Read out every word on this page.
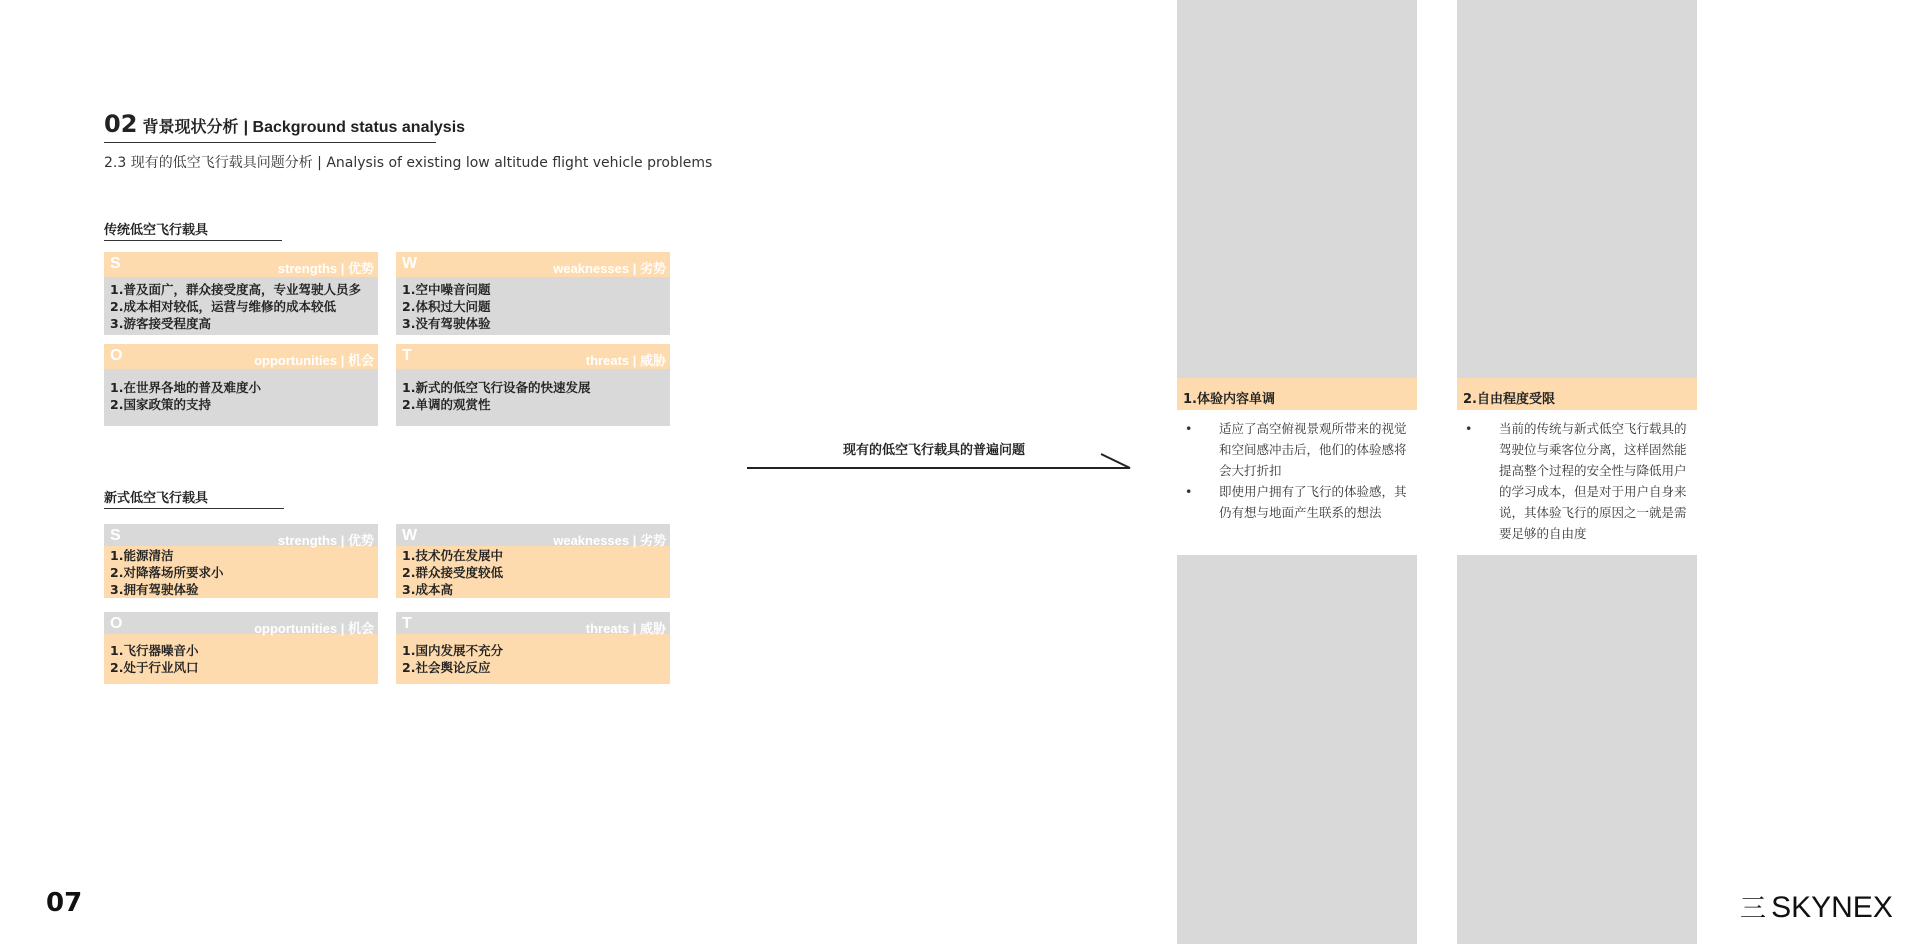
02 背景现状分析 | Background status analysis
2.3 现有的低空飞行载具问题分析 | Analysis of existing low altitude flight vehicle problems
传统低空飞行载具
S	strengths | 优势
1.普及面广，群众接受度高，专业驾驶人员多
2.成本相对较低，运营与维修的成本较低
3.游客接受程度高
W	weaknesses | 劣势
1.空中噪音问题
2.体积过大问题
3.没有驾驶体验
O	opportunities | 机会
1.在世界各地的普及难度小
2.国家政策的支持
T	threats | 威胁
1.新式的低空飞行设备的快速发展
2.单调的观赏性
新式低空飞行载具
S	strengths | 优势
1.能源清洁
2.对降落场所要求小
3.拥有驾驶体验
W	weaknesses | 劣势
1.技术仍在发展中
2.群众接受度较低
3.成本高
O	opportunities | 机会
1.飞行器噪音小
2.处于行业风口
T	threats | 威胁
1.国内发展不充分
2.社会舆论反应
现有的低空飞行载具的普遍问题
1.体验内容单调
• 适应了高空俯视景观所带来的视觉和空间感冲击后，他们的体验感将会大打折扣
• 即使用户拥有了飞行的体验感，其仍有想与地面产生联系的想法
2.自由程度受限
• 当前的传统与新式低空飞行载具的驾驶位与乘客位分离，这样固然能提高整个过程的安全性与降低用户的学习成本，但是对于用户自身来说，其体验飞行的原因之一就是需要足够的自由度
07	三 SKYNEX
